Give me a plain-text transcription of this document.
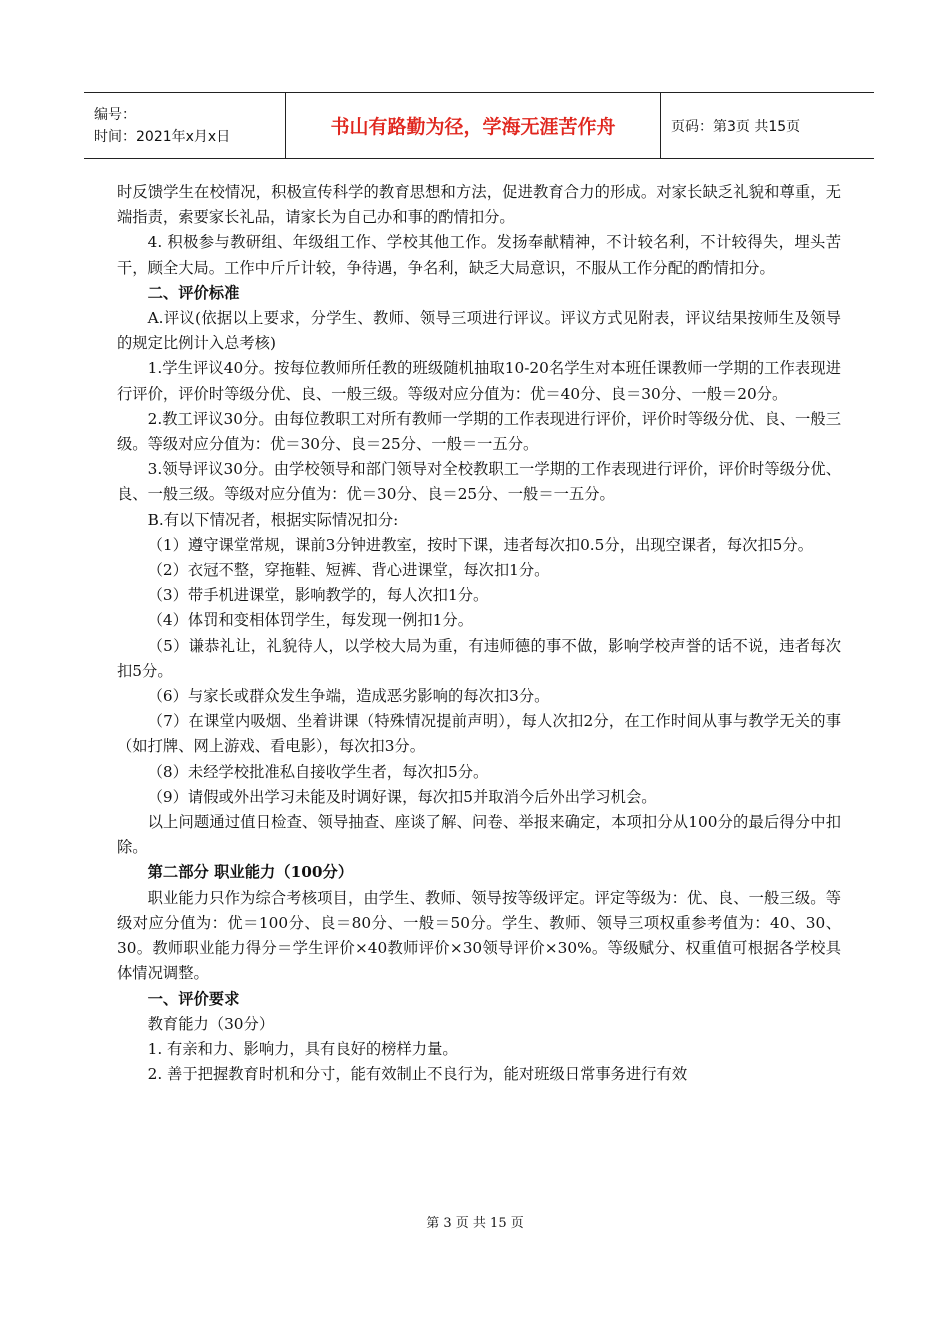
编号：
时间：2021年x月x日	书山有路勤为径，学海无涯苦作舟	页码：第3页 共15页

时反馈学生在校情况，积极宣传科学的教育思想和方法，促进教育合力的形成。对家长缺乏礼貌和尊重，无端指责，索要家长礼品，请家长为自己办和事的酌情扣分。

4. 积极参与教研组、年级组工作、学校其他工作。发扬奉献精神，不计较名利，不计较得失，埋头苦干，顾全大局。工作中斤斤计较，争待遇，争名利，缺乏大局意识，不服从工作分配的酌情扣分。

二、评价标准

A.评议(依据以上要求，分学生、教师、领导三项进行评议。评议方式见附表，评议结果按师生及领导的规定比例计入总考核)

1.学生评议40分。按每位教师所任教的班级随机抽取10-20名学生对本班任课教师一学期的工作表现进行评价，评价时等级分优、良、一般三级。等级对应分值为：优＝40分、良＝30分、一般＝20分。

2.教工评议30分。由每位教职工对所有教师一学期的工作表现进行评价，评价时等级分优、良、一般三级。等级对应分值为：优＝30分、良＝25分、一般＝一五分。

3.领导评议30分。由学校领导和部门领导对全校教职工一学期的工作表现进行评价，评价时等级分优、良、一般三级。等级对应分值为：优＝30分、良＝25分、一般＝一五分。

B.有以下情况者，根据实际情况扣分:

（1）遵守课堂常规，课前3分钟进教室，按时下课，违者每次扣0.5分，出现空课者，每次扣5分。

（2）衣冠不整，穿拖鞋、短裤、背心进课堂，每次扣1分。

（3）带手机进课堂，影响教学的，每人次扣1分。

（4）体罚和变相体罚学生，每发现一例扣1分。

（5）谦恭礼让，礼貌待人，以学校大局为重，有违师德的事不做，影响学校声誉的话不说，违者每次扣5分。

（6）与家长或群众发生争端，造成恶劣影响的每次扣3分。

（7）在课堂内吸烟、坐着讲课（特殊情况提前声明），每人次扣2分，在工作时间从事与教学无关的事（如打牌、网上游戏、看电影），每次扣3分。

（8）未经学校批准私自接收学生者，每次扣5分。

（9）请假或外出学习未能及时调好课，每次扣5并取消今后外出学习机会。

以上问题通过值日检查、领导抽查、座谈了解、问卷、举报来确定，本项扣分从100分的最后得分中扣除。

第二部分 职业能力（100分）

职业能力只作为综合考核项目，由学生、教师、领导按等级评定。评定等级为：优、良、一般三级。等级对应分值为：优＝100分、良＝80分、一般＝50分。学生、教师、领导三项权重参考值为：40、30、30。教师职业能力得分＝学生评价×40教师评价×30领导评价×30%。等级赋分、权重值可根据各学校具体情况调整。

一、评价要求

教育能力（30分）

1. 有亲和力、影响力，具有良好的榜样力量。

2. 善于把握教育时机和分寸，能有效制止不良行为，能对班级日常事务进行有效

第 3 页 共 15 页
